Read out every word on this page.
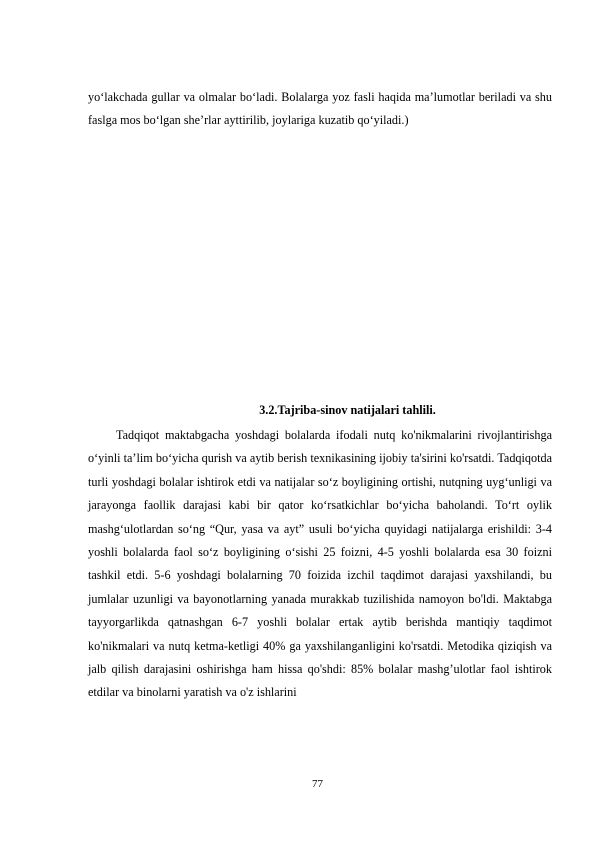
yo‘lakchada gullar va olmalar bo‘ladi. Bolalarga yoz fasli haqida ma’lumotlar beriladi va shu faslga mos bo‘lgan she’rlar ayttirilib, joylariga kuzatib qo‘yiladi.)

3.2.Tajriba-sinov natijalari tahlili.

Tadqiqot maktabgacha yoshdagi bolalarda ifodali nutq ko'nikmalarini rivojlantirishga o‘yinli ta’lim bo‘yicha qurish va aytib berish texnikasining ijobiy ta'sirini ko'rsatdi. Tadqiqotda turli yoshdagi bolalar ishtirok etdi va natijalar so‘z boyligining ortishi, nutqning uyg‘unligi va jarayonga faollik darajasi kabi bir qator ko‘rsatkichlar bo‘yicha baholandi. To‘rt oylik mashg‘ulotlardan so‘ng “Qur, yasa va ayt” usuli bo‘yicha quyidagi natijalarga erishildi: 3-4 yoshli bolalarda faol so‘z boyligining o‘sishi 25 foizni, 4-5 yoshli bolalarda esa 30 foizni tashkil etdi. 5-6 yoshdagi bolalarning 70 foizida izchil taqdimot darajasi yaxshilandi, bu jumlalar uzunligi va bayonotlarning yanada murakkab tuzilishida namoyon bo'ldi. Maktabga tayyorgarlikda qatnashgan 6-7 yoshli bolalar ertak aytib berishda mantiqiy taqdimot ko'nikmalari va nutq ketma-ketligi 40% ga yaxshilanganligini ko'rsatdi. Metodika qiziqish va jalb qilish darajasini oshirishga ham hissa qo'shdi: 85% bolalar mashg’ulotlar faol ishtirok etdilar va binolarni yaratish va o'z ishlarini

77
